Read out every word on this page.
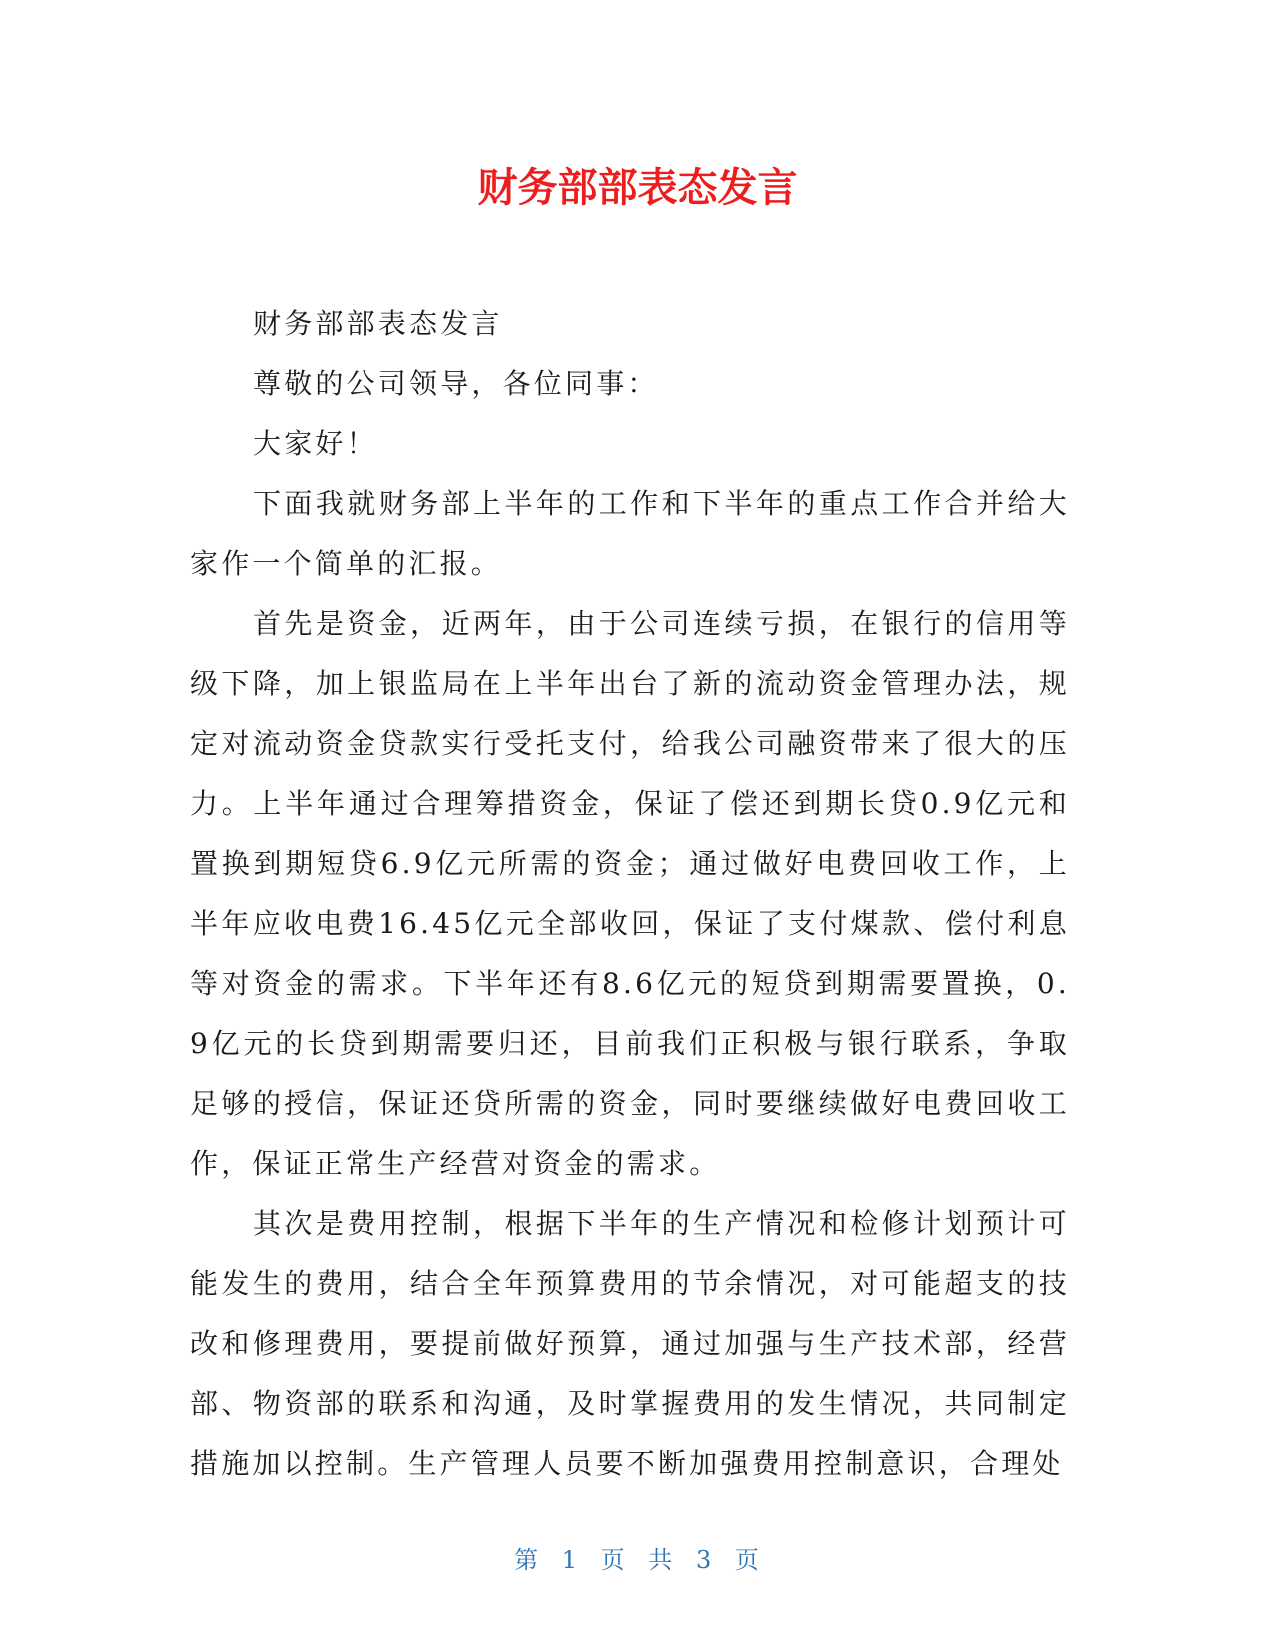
财务部部表态发言

财务部部表态发言

尊敬的公司领导，各位同事：

大家好！

下面我就财务部上半年的工作和下半年的重点工作合并给大家作一个简单的汇报。

首先是资金，近两年，由于公司连续亏损，在银行的信用等级下降，加上银监局在上半年出台了新的流动资金管理办法，规定对流动资金贷款实行受托支付，给我公司融资带来了很大的压力。上半年通过合理筹措资金，保证了偿还到期长贷0.9亿元和置换到期短贷6.9亿元所需的资金；通过做好电费回收工作，上半年应收电费16.45亿元全部收回，保证了支付煤款、偿付利息等对资金的需求。下半年还有8.6亿元的短贷到期需要置换，0.9亿元的长贷到期需要归还，目前我们正积极与银行联系，争取足够的授信，保证还贷所需的资金，同时要继续做好电费回收工作，保证正常生产经营对资金的需求。

其次是费用控制，根据下半年的生产情况和检修计划预计可能发生的费用，结合全年预算费用的节余情况，对可能超支的技改和修理费用，要提前做好预算，通过加强与生产技术部，经营部、物资部的联系和沟通，及时掌握费用的发生情况，共同制定措施加以控制。生产管理人员要不断加强费用控制意识，合理处

第 1 页 共 3 页
